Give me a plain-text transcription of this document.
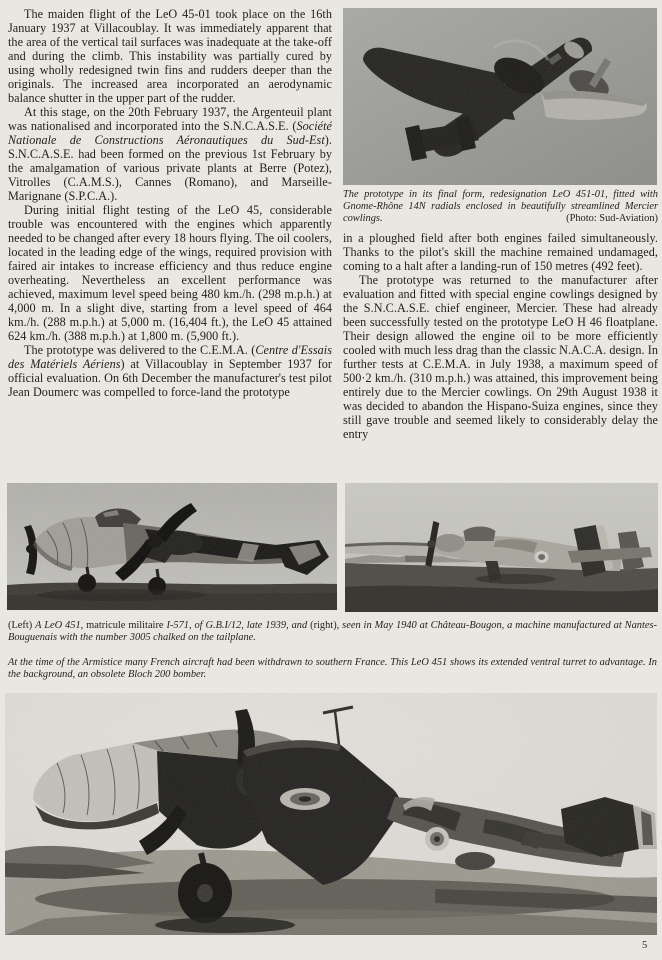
The maiden flight of the LeO 45-01 took place on the 16th January 1937 at Villacoublay. It was immediately apparent that the area of the vertical tail surfaces was inadequate at the take-off and during the climb. This instability was partially cured by using wholly redesigned twin fins and rudders deeper than the originals. The increased area incorporated an aerodynamic balance shutter in the upper part of the rudder.

At this stage, on the 20th February 1937, the Argenteuil plant was nationalised and incorporated into the S.N.C.A.S.E. (Société Nationale de Constructions Aéronautiques du Sud-Est). S.N.C.A.S.E. had been formed on the previous 1st February by the amalgamation of various private plants at Berre (Potez), Vitrolles (C.A.M.S.), Cannes (Romano), and Marseille-Marignane (S.P.C.A.).

During initial flight testing of the LeO 45, considerable trouble was encountered with the engines which apparently needed to be changed after every 18 hours flying. The oil coolers, located in the leading edge of the wings, required provision with faired air intakes to increase efficiency and thus reduce engine overheating. Nevertheless an excellent performance was achieved, maximum level speed being 480 km./h. (298 m.p.h.) at 4,000 m. In a slight dive, starting from a level speed of 464 km./h. (288 m.p.h.) at 5,000 m. (16,404 ft.), the LeO 45 attained 624 km./h. (388 m.p.h.) at 1,800 m. (5,900 ft.).

The prototype was delivered to the C.E.M.A. (Centre d'Essais des Matériels Aériens) at Villacoublay in September 1937 for official evaluation. On 6th December the manufacturer's test pilot Jean Doumerc was compelled to force-land the prototype

The prototype in its final form, redesignation LeO 451-01, fitted with Gnome-Rhône 14N radials enclosed in beautifully streamlined Mercier cowlings.	(Photo: Sud-Aviation)

in a ploughed field after both engines failed simultaneously. Thanks to the pilot's skill the machine remained undamaged, coming to a halt after a landing-run of 150 metres (492 feet).

The prototype was returned to the manufacturer after evaluation and fitted with special engine cowlings designed by the S.N.C.A.S.E. chief engineer, Mercier. These had already been successfully tested on the prototype LeO H 46 floatplane. Their design allowed the engine oil to be more efficiently cooled with much less drag than the classic N.A.C.A. design. In further tests at C.E.M.A. in July 1938, a maximum speed of 500·2 km./h. (310 m.p.h.) was attained, this improvement being entirely due to the Mercier cowlings. On 29th August 1938 it was decided to abandon the Hispano-Suiza engines, since they still gave trouble and seemed likely to considerably delay the entry

(Left) A LeO 451, matricule militaire I-571, of G.B.I/12, late 1939, and (right), seen in May 1940 at Château-Bougon, a machine manufactured at Nantes-Bouguenais with the number 3005 chalked on the tailplane.
At the time of the Armistice many French aircraft had been withdrawn to southern France. This LeO 451 shows its extended ventral turret to advantage. In the background, an obsolete Bloch 200 bomber.
5
